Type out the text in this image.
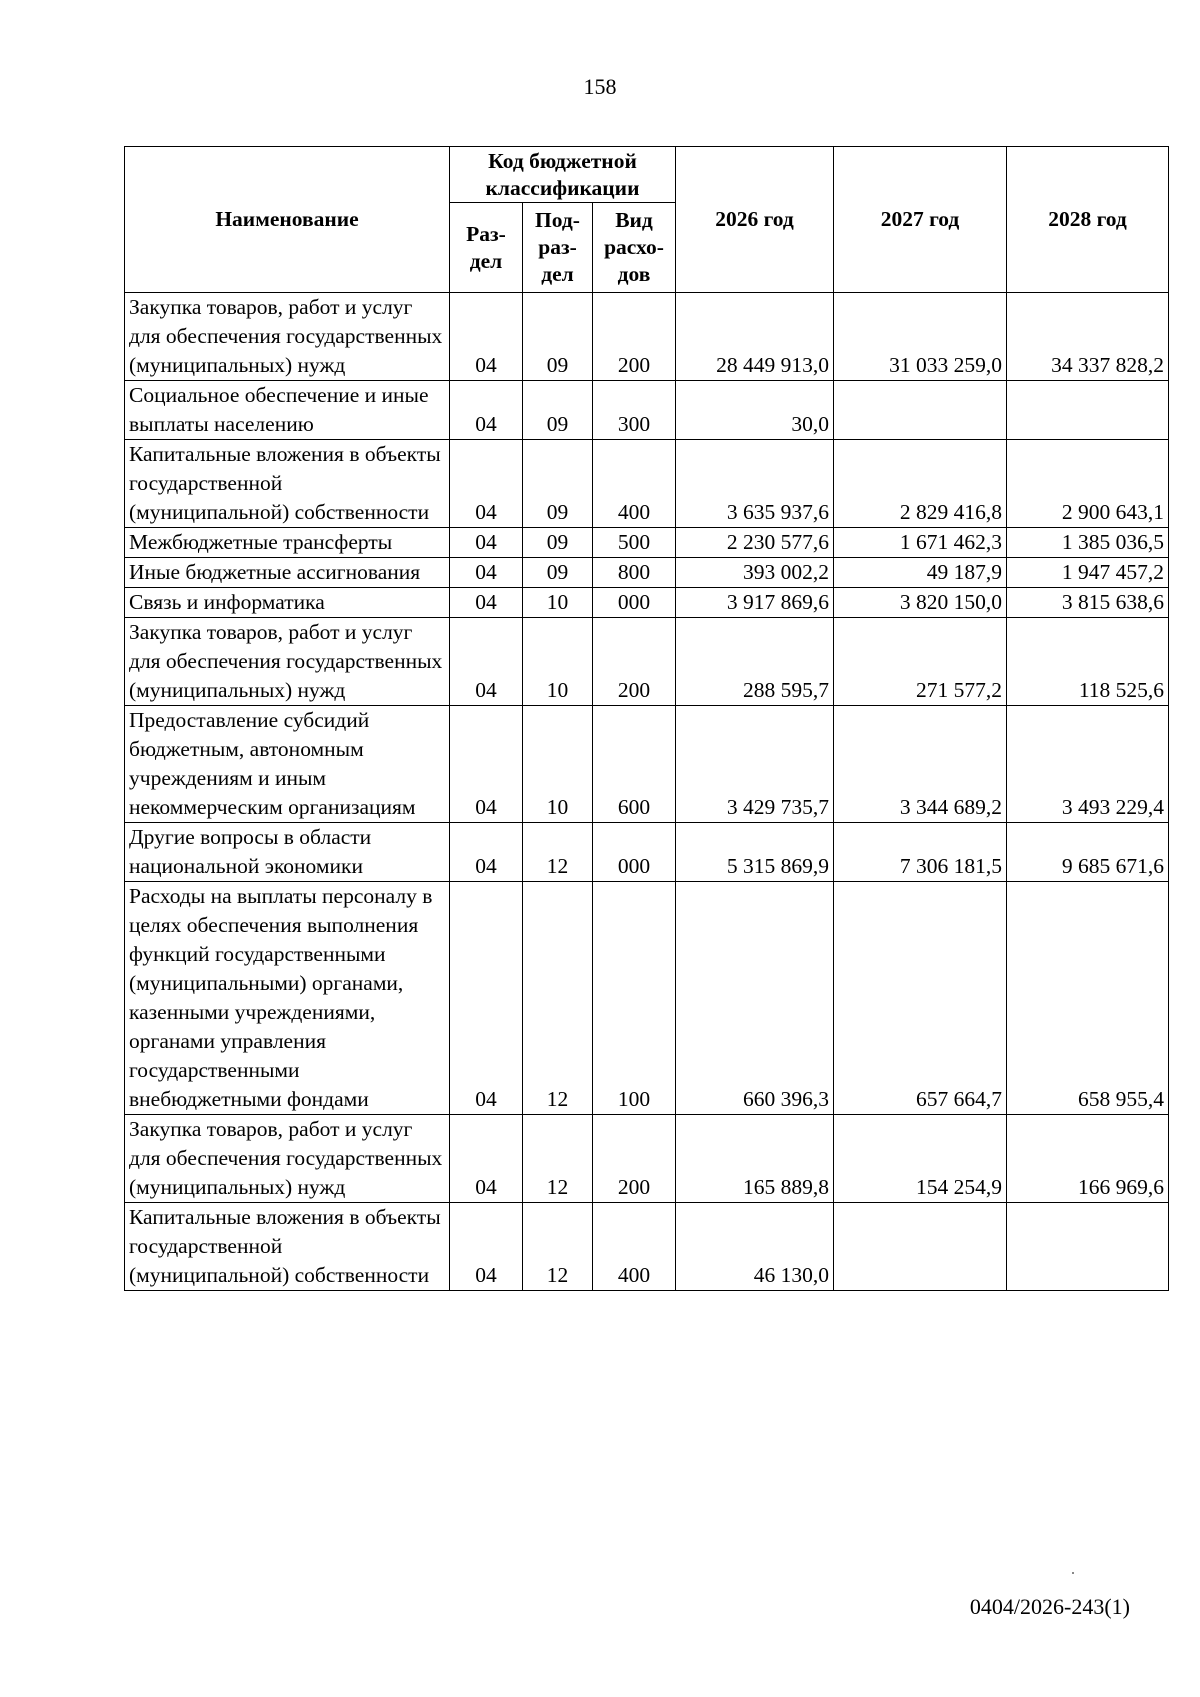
158
Наименование	Код бюджетной классификации			2026 год	2027 год	2028 год
	Раз-дел	Под-раз-дел	Вид расхо-дов			
Закупка товаров, работ и услуг для обеспечения государственных (муниципальных) нужд	04	09	200	28 449 913,0	31 033 259,0	34 337 828,2
Социальное обеспечение и иные выплаты населению	04	09	300	30,0		
Капитальные вложения в объекты государственной (муниципальной) собственности	04	09	400	3 635 937,6	2 829 416,8	2 900 643,1
Межбюджетные трансферты	04	09	500	2 230 577,6	1 671 462,3	1 385 036,5
Иные бюджетные ассигнования	04	09	800	393 002,2	49 187,9	1 947 457,2
Связь и информатика	04	10	000	3 917 869,6	3 820 150,0	3 815 638,6
Закупка товаров, работ и услуг для обеспечения государственных (муниципальных) нужд	04	10	200	288 595,7	271 577,2	118 525,6
Предоставление субсидий бюджетным, автономным учреждениям и иным некоммерческим организациям	04	10	600	3 429 735,7	3 344 689,2	3 493 229,4
Другие вопросы в области национальной экономики	04	12	000	5 315 869,9	7 306 181,5	9 685 671,6
Расходы на выплаты персоналу в целях обеспечения выполнения функций государственными (муниципальными) органами, казенными учреждениями, органами управления государственными внебюджетными фондами	04	12	100	660 396,3	657 664,7	658 955,4
Закупка товаров, работ и услуг для обеспечения государственных (муниципальных) нужд	04	12	200	165 889,8	154 254,9	166 969,6
Капитальные вложения в объекты государственной (муниципальной) собственности	04	12	400	46 130,0		
0404/2026-243(1)
